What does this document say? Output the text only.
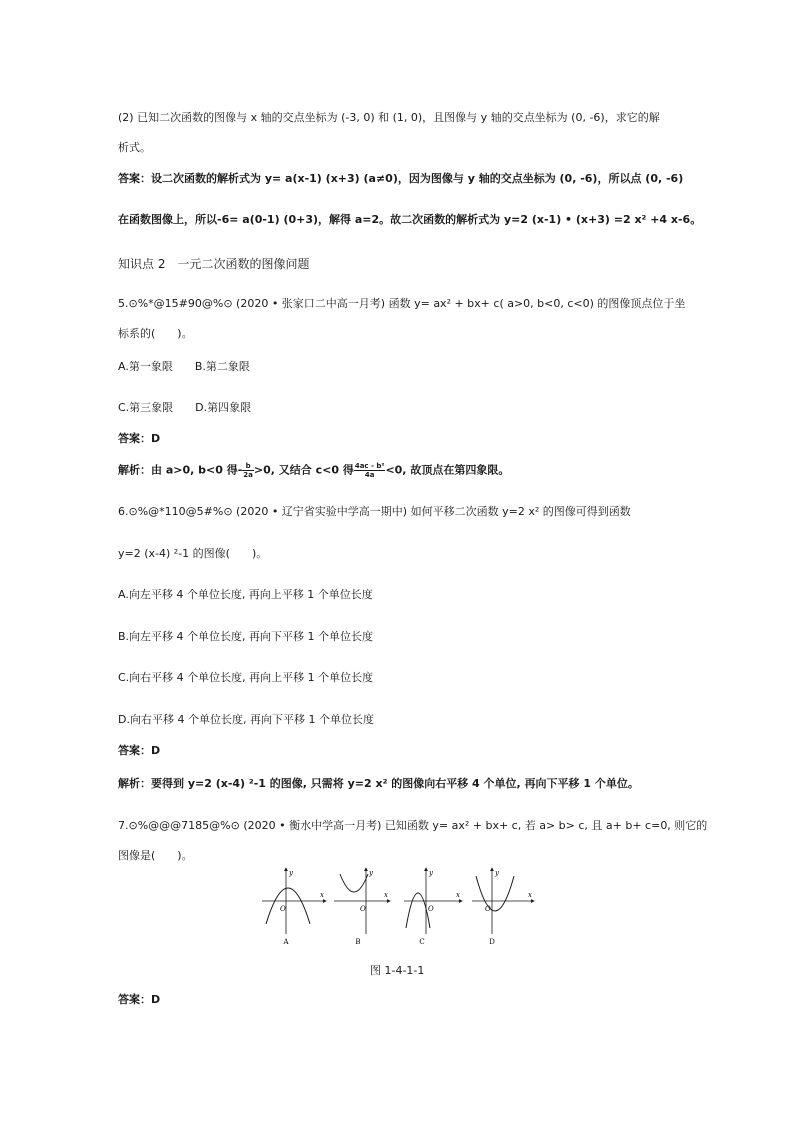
(2) 已知二次函数的图像与 x 轴的交点坐标为 (-3, 0) 和 (1, 0)，且图像与 y 轴的交点坐标为 (0, -6)，求它的解
析式。
答案：设二次函数的解析式为 y= a(x-1) (x+3) (a≠0)，因为图像与 y 轴的交点坐标为 (0, -6)，所以点 (0, -6)
在函数图像上，所以-6= a(0-1) (0+3)，解得 a=2。故二次函数的解析式为 y=2 (x-1) • (x+3) =2 x² +4 x-6。
知识点 2　一元二次函数的图像问题
5.⊙%*@15#90@%⊙ (2020 • 张家口二中高一月考) 函数 y= ax² + bx+ c( a>0, b<0, c<0) 的图像顶点位于坐
标系的(　　)。
A.第一象限　　B.第二象限
C.第三象限　　D.第四象限
答案：D
解析：由 a>0, b<0 得- $\frac{b}{2a} >0$, 又结合 c<0 得 $\frac{\text{4ac - b²}}{4a} <0$, 故顶点在第四象限。
6.⊙%@*110@5#%⊙ (2020 • 辽宁省实验中学高一期中) 如何平移二次函数 y=2 x² 的图像可得到函数
y=2 (x-4) ²-1 的图像(　　)。
A.向左平移 4 个单位长度, 再向上平移 1 个单位长度
B.向左平移 4 个单位长度, 再向下平移 1 个单位长度
C.向右平移 4 个单位长度, 再向上平移 1 个单位长度
D.向右平移 4 个单位长度, 再向下平移 1 个单位长度
答案：D
解析：要得到 y=2 (x-4) ²-1 的图像, 只需将 y=2 x² 的图像向右平移 4 个单位, 再向下平移 1 个单位。
7.⊙%@@@7185@%⊙ (2020 • 衡水中学高一月考) 已知函数 y= ax² + bx+ c, 若 a> b> c, 且 a+ b+ c=0, 则它的
图像是(　　)。
x
y
O
A
x
y
O
B
x
y
O
C
x
y
O
D
图 1-4-1-1
答案：D
